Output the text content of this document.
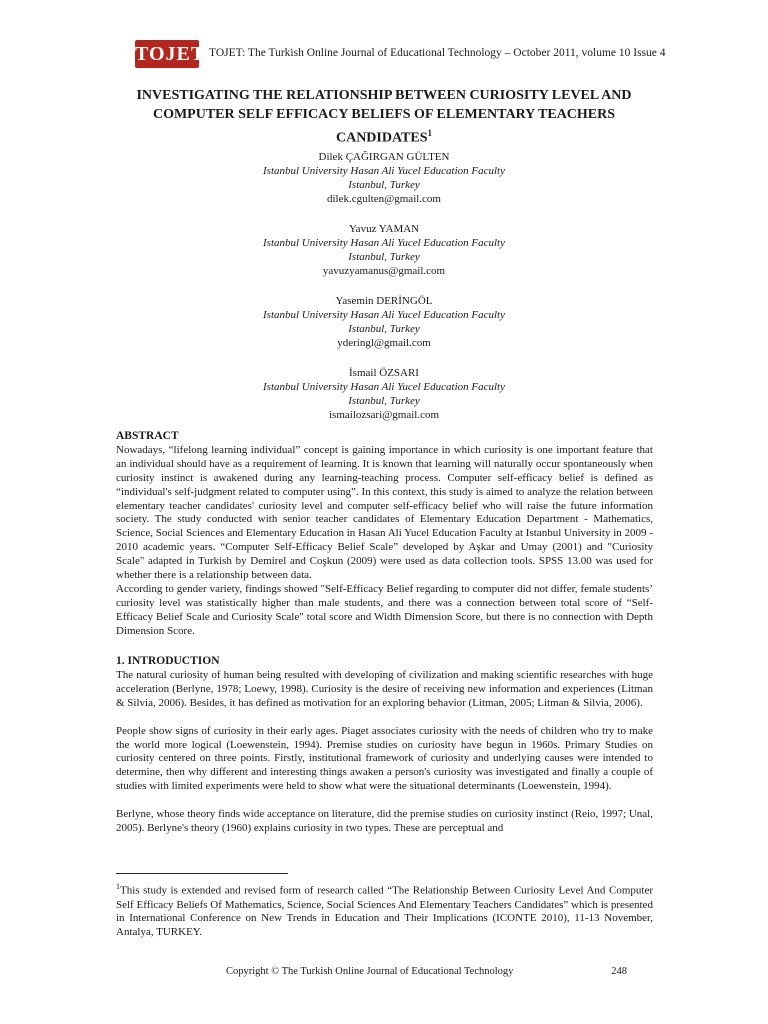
TOJET TOJET: The Turkish Online Journal of Educational Technology – October 2011, volume 10 Issue 4
INVESTIGATING THE RELATIONSHIP BETWEEN CURIOSITY LEVEL AND
COMPUTER SELF EFFICACY BELIEFS OF ELEMENTARY TEACHERS
CANDIDATES$^1$
Dilek ÇAĞIRGAN GÜLTEN
Istanbul University Hasan Ali Yucel Education Faculty
Istanbul, Turkey
dilek.cgulten@gmail.com
Yavuz YAMAN
Istanbul University Hasan Ali Yucel Education Faculty
Istanbul, Turkey
yavuzyamanus@gmail.com
Yasemin DERİNGÖL
Istanbul University Hasan Ali Yucel Education Faculty
Istanbul, Turkey
yderingl@gmail.com
İsmail ÖZSARI
Istanbul University Hasan Ali Yucel Education Faculty
Istanbul, Turkey
ismailozsari@gmail.com

ABSTRACT

Nowadays, “lifelong learning individual” concept is gaining importance in which curiosity is one important feature that an individual should have as a requirement of learning. It is known that learning will naturally occur spontaneously when curiosity instinct is awakened during any learning-teaching process. Computer self-efficacy belief is defined as “individual's self-judgment related to computer using”. In this context, this study is aimed to analyze the relation between elementary teacher candidates' curiosity level and computer self-efficacy belief who will raise the future information society. The study conducted with senior teacher candidates of Elementary Education Department - Mathematics, Science, Social Sciences and Elementary Education in Hasan Ali Yucel Education Faculty at Istanbul University in 2009 - 2010 academic years. “Computer Self-Efficacy Belief Scale” developed by Aşkar and Umay (2001) and "Curiosity Scale" adapted in Turkish by Demirel and Coşkun (2009) were used as data collection tools. SPSS 13.00 was used for whether there is a relationship between data.

According to gender variety, findings showed "Self-Efficacy Belief regarding to computer did not differ, female students’ curiosity level was statistically higher than male students, and there was a connection between total score of “Self-Efficacy Belief Scale and Curiosity Scale" total score and Width Dimension Score, but there is no connection with Depth Dimension Score.

1. INTRODUCTION

The natural curiosity of human being resulted with developing of civilization and making scientific researches with huge acceleration (Berlyne, 1978; Loewy, 1998). Curiosity is the desire of receiving new information and experiences (Litman & Silvia, 2006). Besides, it has defined as motivation for an exploring behavior (Litman, 2005; Litman & Silvia, 2006).

People show signs of curiosity in their early ages. Piaget associates curiosity with the needs of children who try to make the world more logical (Loewenstein, 1994). Premise studies on curiosity have begun in 1960s. Primary Studies on curiosity centered on three points. Firstly, institutional framework of curiosity and underlying causes were intended to determine, then why different and interesting things awaken a person's curiosity was investigated and finally a couple of studies with limited experiments were held to show what were the situational determinants (Loewenstein, 1994).

Berlyne, whose theory finds wide acceptance on literature, did the premise studies on curiosity instinct (Reio, 1997; Unal, 2005). Berlyne's theory (1960) explains curiosity in two types. These are perceptual and

$^1$This study is extended and revised form of research called “The Relationship Between Curiosity Level And Computer Self Efficacy Beliefs Of Mathematics, Science, Social Sciences And Elementary Teachers Candidates” which is presented in International Conference on New Trends in Education and Their Implications (ICONTE 2010), 11-13 November, Antalya, TURKEY.

Copyright © The Turkish Online Journal of Educational Technology	248
